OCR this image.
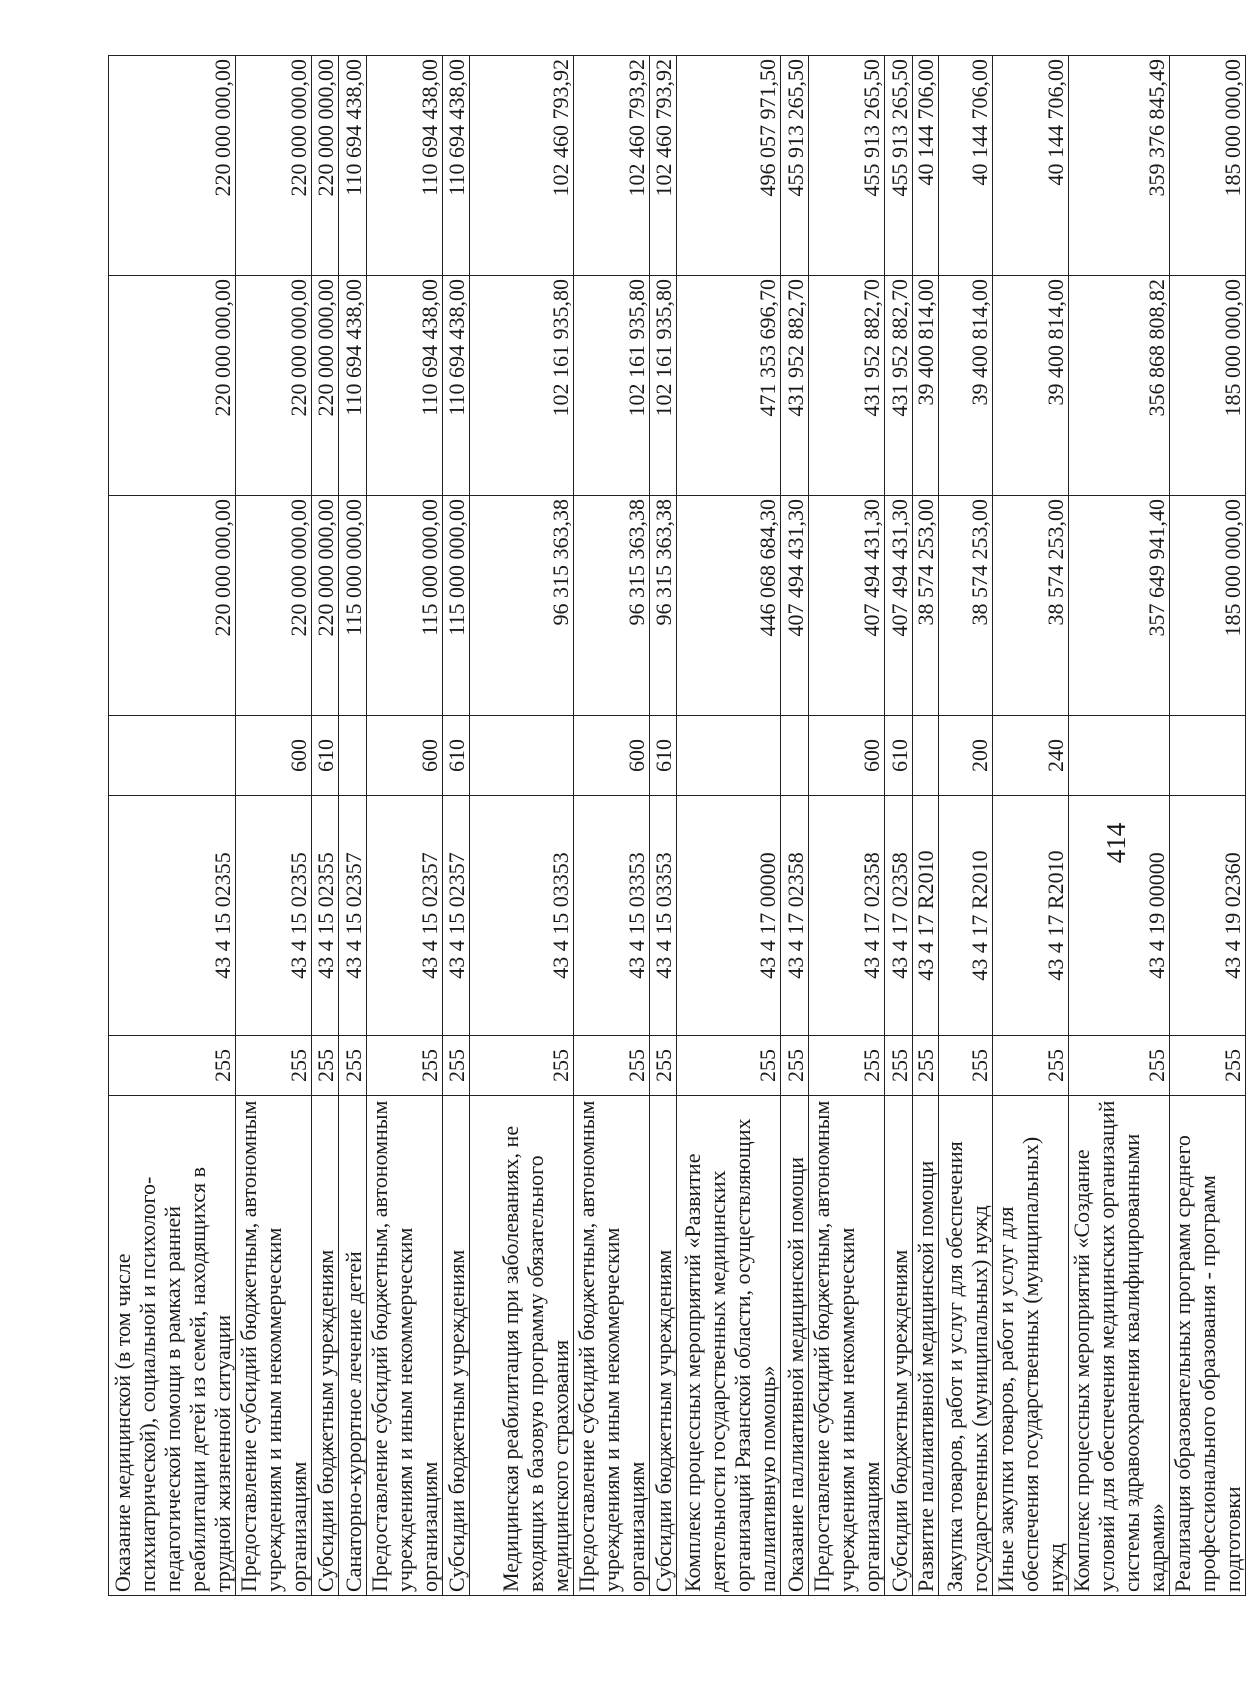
414
Оказание медицинской (в том числе психиатрической), социальной и психолого-педагогической помощи в рамках ранней реабилитации детей из семей, находящихся в трудной жизненной ситуации	255	43 4 15 02355		220 000 000,00	220 000 000,00	220 000 000,00
Предоставление субсидий бюджетным, автономным учреждениям и иным некоммерческим организациям	255	43 4 15 02355	600	220 000 000,00	220 000 000,00	220 000 000,00
Субсидии бюджетным учреждениям	255	43 4 15 02355	610	220 000 000,00	220 000 000,00	220 000 000,00
Санаторно-курортное лечение детей	255	43 4 15 02357		115 000 000,00	110 694 438,00	110 694 438,00
Предоставление субсидий бюджетным, автономным учреждениям и иным некоммерческим организациям	255	43 4 15 02357	600	115 000 000,00	110 694 438,00	110 694 438,00
Субсидии бюджетным учреждениям	255	43 4 15 02357	610	115 000 000,00	110 694 438,00	110 694 438,00
Медицинская реабилитация при заболеваниях, не входящих в базовую программу обязательного медицинского страхования	255	43 4 15 03353		96 315 363,38	102 161 935,80	102 460 793,92
Предоставление субсидий бюджетным, автономным учреждениям и иным некоммерческим организациям	255	43 4 15 03353	600	96 315 363,38	102 161 935,80	102 460 793,92
Субсидии бюджетным учреждениям	255	43 4 15 03353	610	96 315 363,38	102 161 935,80	102 460 793,92
Комплекс процессных мероприятий «Развитие деятельности государственных медицинских организаций Рязанской области, осуществляющих паллиативную помощь»	255	43 4 17 00000		446 068 684,30	471 353 696,70	496 057 971,50
Оказание паллиативной медицинской помощи	255	43 4 17 02358		407 494 431,30	431 952 882,70	455 913 265,50
Предоставление субсидий бюджетным, автономным учреждениям и иным некоммерческим организациям	255	43 4 17 02358	600	407 494 431,30	431 952 882,70	455 913 265,50
Субсидии бюджетным учреждениям	255	43 4 17 02358	610	407 494 431,30	431 952 882,70	455 913 265,50
Развитие паллиативной медицинской помощи	255	43 4 17 R2010		38 574 253,00	39 400 814,00	40 144 706,00
Закупка товаров, работ и услуг для обеспечения государственных (муниципальных) нужд	255	43 4 17 R2010	200	38 574 253,00	39 400 814,00	40 144 706,00
Иные закупки товаров, работ и услуг для обеспечения государственных (муниципальных) нужд	255	43 4 17 R2010	240	38 574 253,00	39 400 814,00	40 144 706,00
Комплекс процессных мероприятий «Создание условий для обеспечения медицинских организаций системы здравоохранения квалифицированными кадрами»	255	43 4 19 00000		357 649 941,40	356 868 808,82	359 376 845,49
Реализация образовательных программ среднего профессионального образования - программ подготовки	255	43 4 19 02360		185 000 000,00	185 000 000,00	185 000 000,00
